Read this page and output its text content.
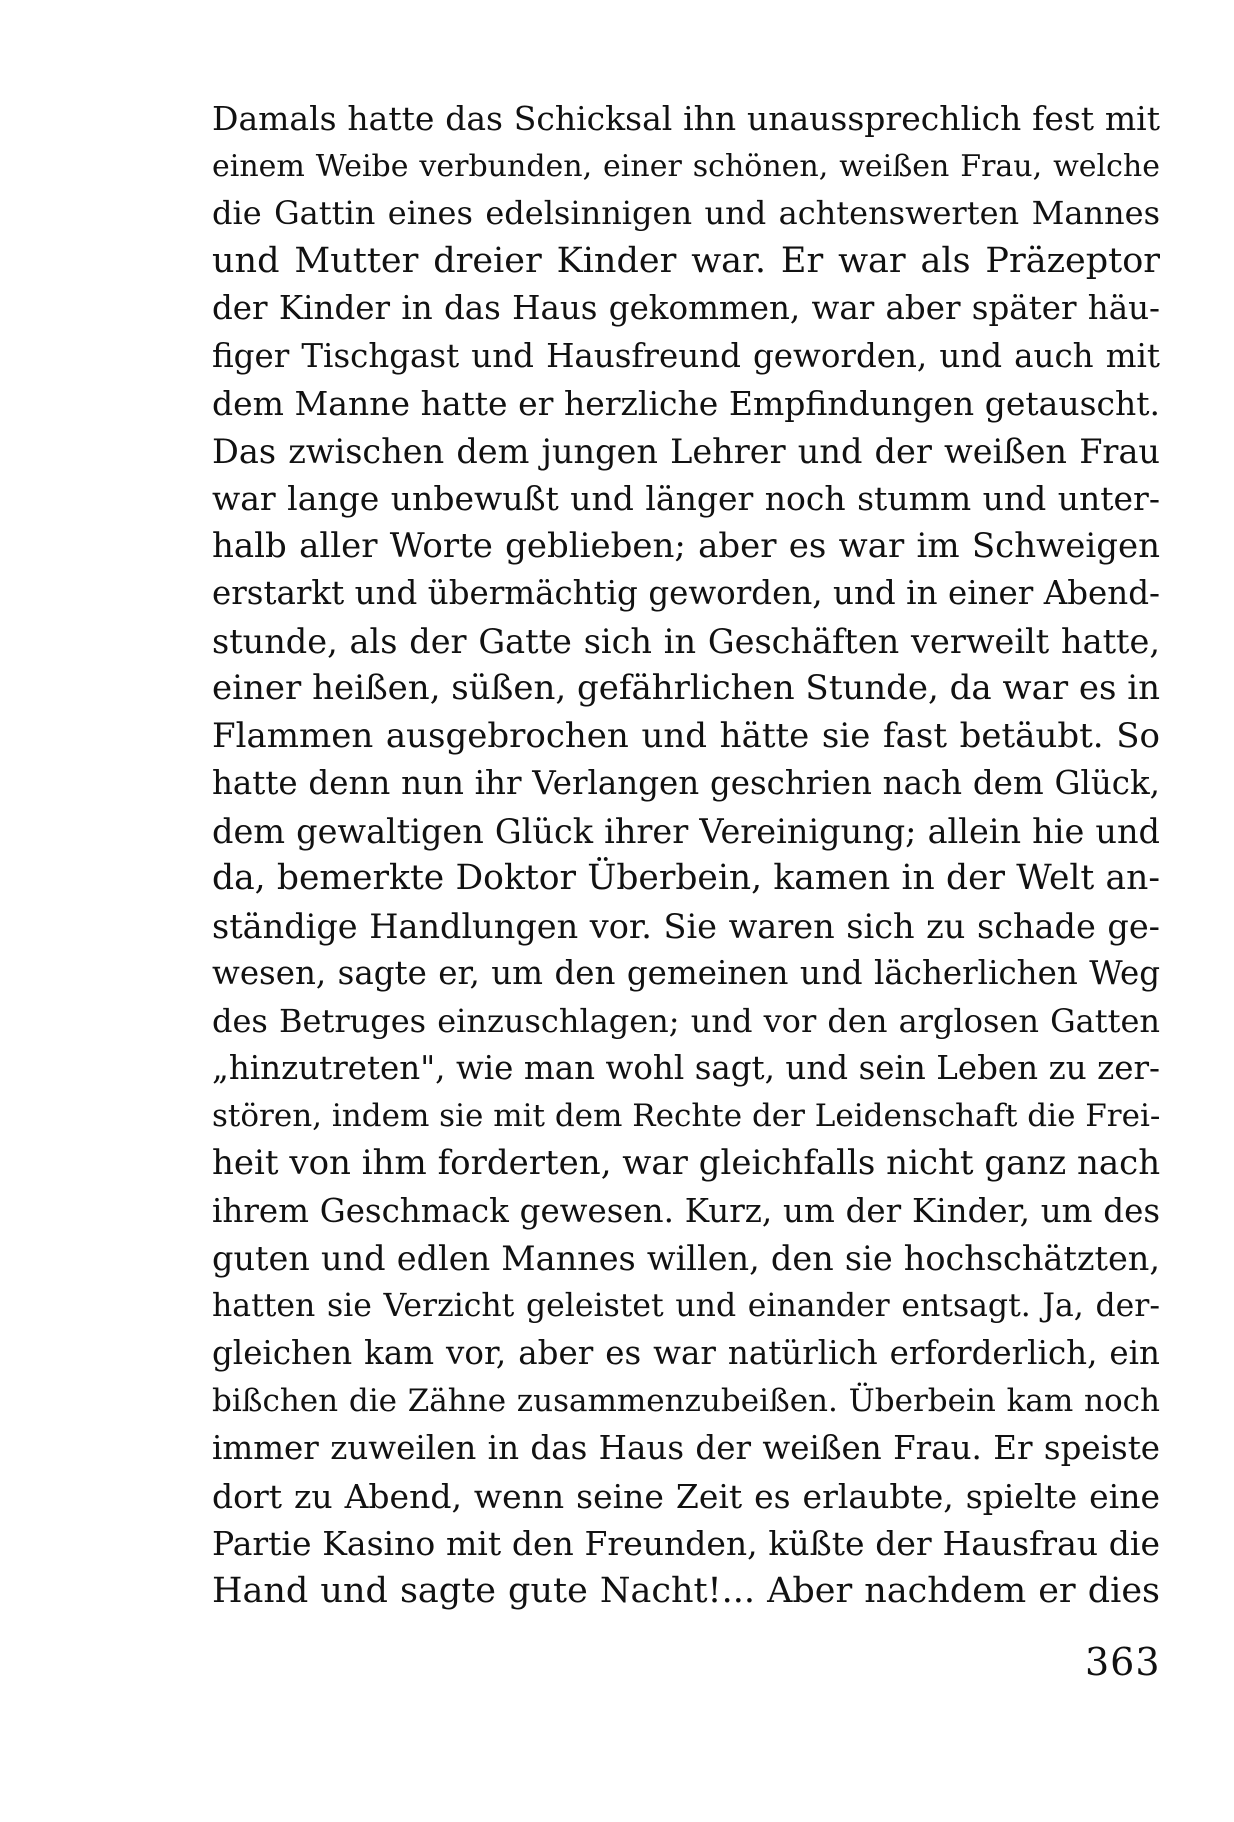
Damals hatte das Schicksal ihn unaussprechlich fest mit
einem Weibe verbunden, einer schönen, weißen Frau, welche
die Gattin eines edelsinnigen und achtenswerten Mannes
und Mutter dreier Kinder war. Er war als Präzeptor
der Kinder in das Haus gekommen, war aber später häu-
figer Tischgast und Hausfreund geworden, und auch mit
dem Manne hatte er herzliche Empfindungen getauscht.
Das zwischen dem jungen Lehrer und der weißen Frau
war lange unbewußt und länger noch stumm und unter-
halb aller Worte geblieben; aber es war im Schweigen
erstarkt und übermächtig geworden, und in einer Abend-
stunde, als der Gatte sich in Geschäften verweilt hatte,
einer heißen, süßen, gefährlichen Stunde, da war es in
Flammen ausgebrochen und hätte sie fast betäubt. So
hatte denn nun ihr Verlangen geschrien nach dem Glück,
dem gewaltigen Glück ihrer Vereinigung; allein hie und
da, bemerkte Doktor Überbein, kamen in der Welt an-
ständige Handlungen vor. Sie waren sich zu schade ge-
wesen, sagte er, um den gemeinen und lächerlichen Weg
des Betruges einzuschlagen; und vor den arglosen Gatten
„hinzutreten", wie man wohl sagt, und sein Leben zu zer-
stören, indem sie mit dem Rechte der Leidenschaft die Frei-
heit von ihm forderten, war gleichfalls nicht ganz nach
ihrem Geschmack gewesen. Kurz, um der Kinder, um des
guten und edlen Mannes willen, den sie hochschätzten,
hatten sie Verzicht geleistet und einander entsagt. Ja, der-
gleichen kam vor, aber es war natürlich erforderlich, ein
bißchen die Zähne zusammenzubeißen. Überbein kam noch
immer zuweilen in das Haus der weißen Frau. Er speiste
dort zu Abend, wenn seine Zeit es erlaubte, spielte eine
Partie Kasino mit den Freunden, küßte der Hausfrau die
Hand und sagte gute Nacht!... Aber nachdem er dies
363
